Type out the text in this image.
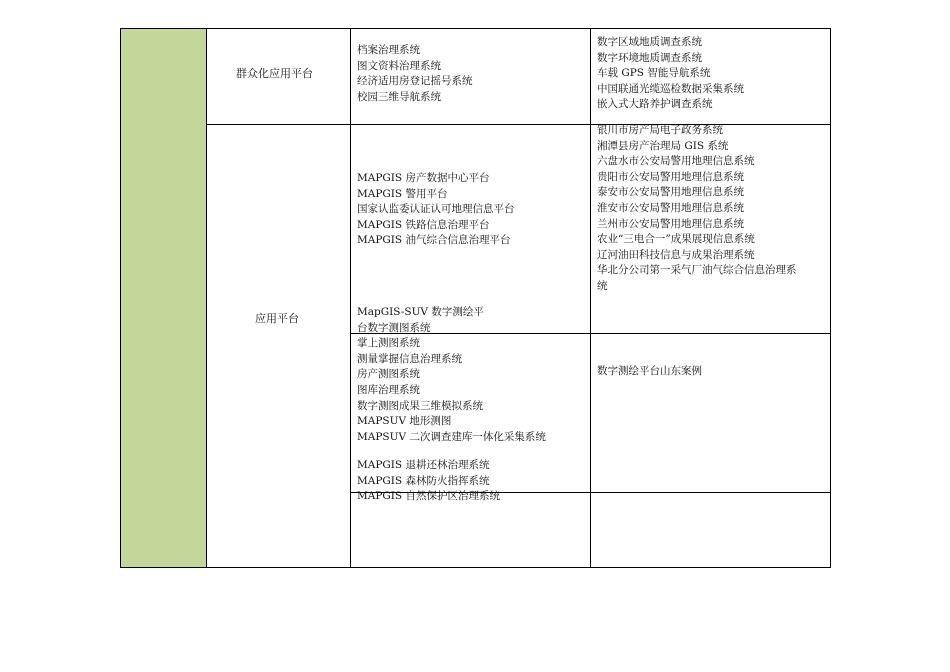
群众化应用平台
档案治理系统
图文资料治理系统
经济适用房登记摇号系统
校园三维导航系统
数字区域地质调查系统
数字环境地质调查系统
车载 GPS 智能导航系统
中国联通光缆巡检数据采集系统
嵌入式大路养护调查系统
应用平台
MAPGIS 房产数据中心平台
MAPGIS 警用平台
国家认监委认证认可地理信息平台
MAPGIS 铁路信息治理平台
MAPGIS 油气综合信息治理平台
银川市房产局电子政务系统
湘潭县房产治理局 GIS 系统
六盘水市公安局警用地理信息系统
贵阳市公安局警用地理信息系统
泰安市公安局警用地理信息系统
淮安市公安局警用地理信息系统
兰州市公安局警用地理信息系统
农业“三电合一”成果展现信息系统
辽河油田科技信息与成果治理系统
华北分公司第一采气厂油气综合信息治理系
统
MapGIS-SUV 数字测绘平
台数字测图系统
掌上测图系统
测量掌握信息治理系统
房产测图系统
图库治理系统
数字测图成果三维模拟系统
MAPSUV 地形测图
MAPSUV 二次调查建库一体化采集系统
数字测绘平台山东案例
MAPGIS 退耕还林治理系统
MAPGIS 森林防火指挥系统
MAPGIS 自然保护区治理系统
